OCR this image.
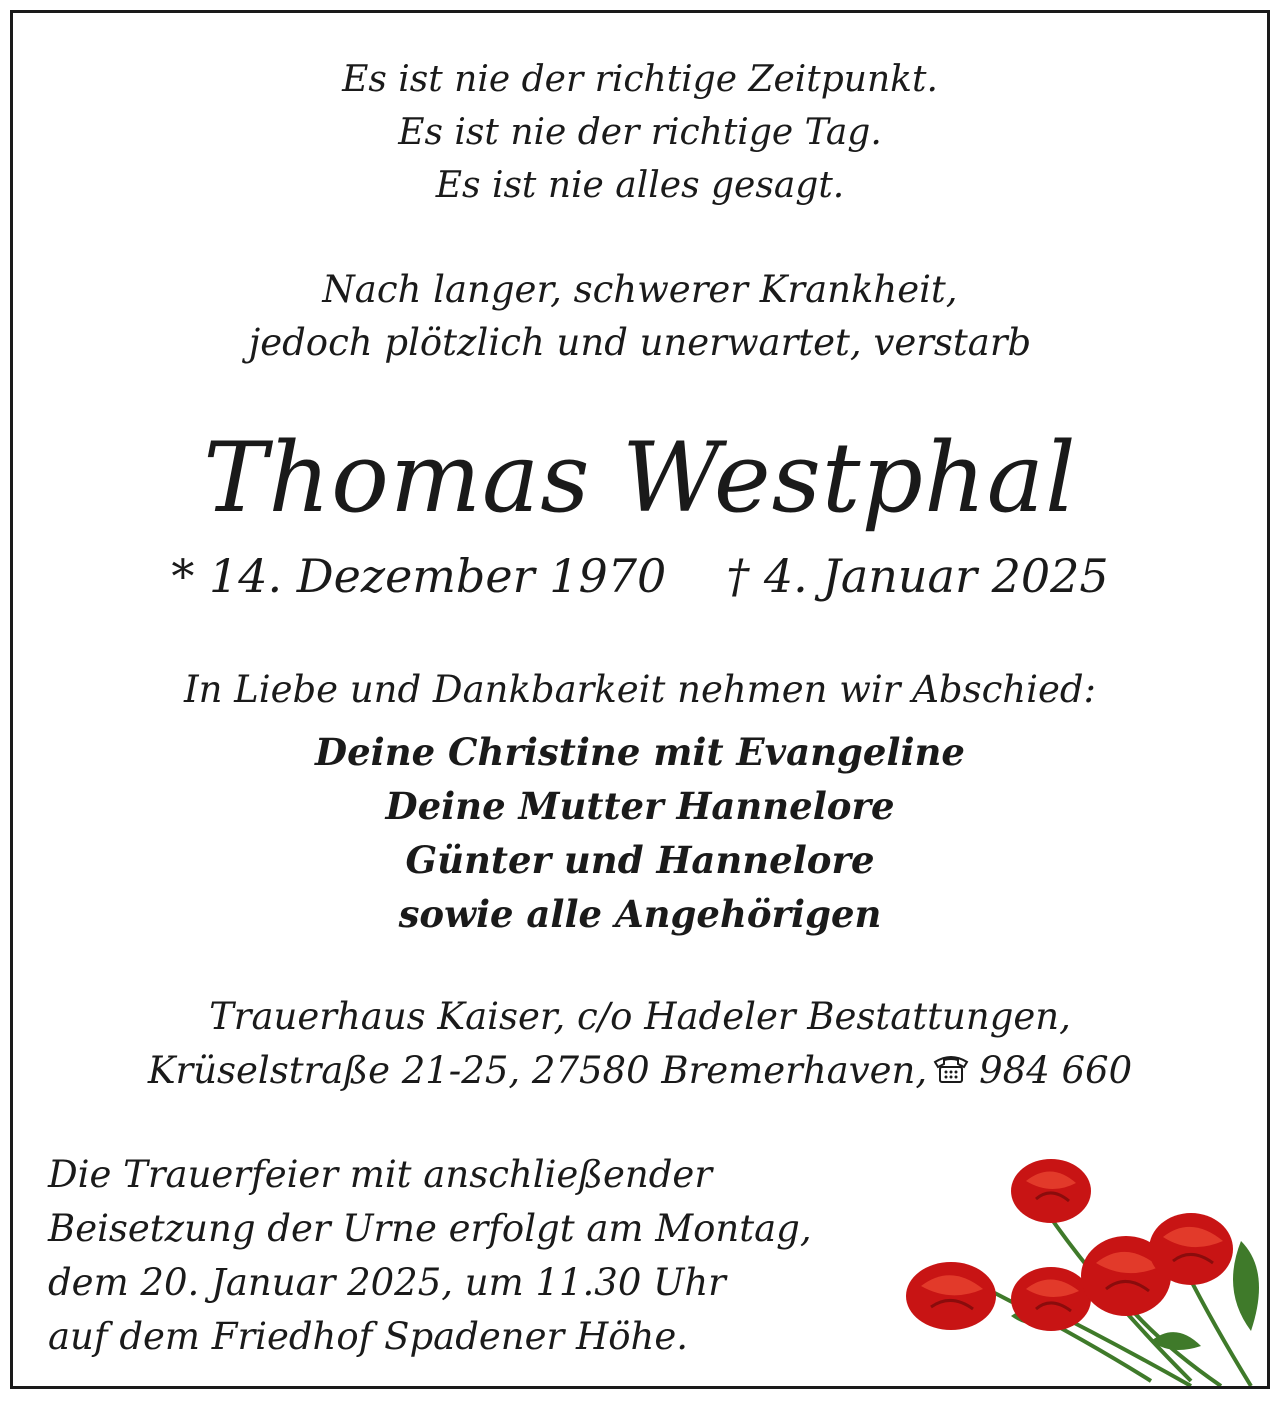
Es ist nie der richtige Zeitpunkt.
Es ist nie der richtige Tag.
Es ist nie alles gesagt.
Nach langer, schwerer Krankheit,
jedoch plötzlich und unerwartet, verstarb
Thomas Westphal
* 14. Dezember 1970 † 4. Januar 2025
In Liebe und Dankbarkeit nehmen wir Abschied:
Deine Christine mit Evangeline
Deine Mutter Hannelore
Günter und Hannelore
sowie alle Angehörigen
Trauerhaus Kaiser, c/o Hadeler Bestattungen,
Krüselstraße 21-25, 27580 Bremerhaven, 984 660
Die Trauerfeier mit anschließender
Beisetzung der Urne erfolgt am Montag,
dem 20. Januar 2025, um 11.30 Uhr
auf dem Friedhof Spadener Höhe.
